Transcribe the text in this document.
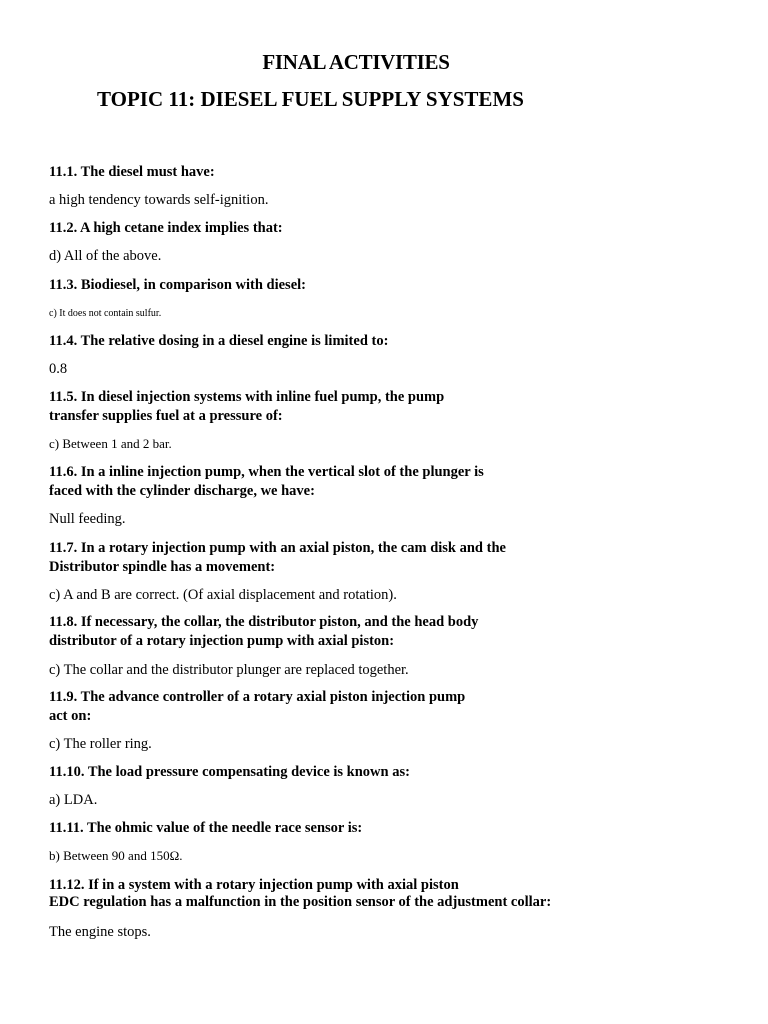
FINAL ACTIVITIES
TOPIC 11: DIESEL FUEL SUPPLY SYSTEMS

11.1. The diesel must have:

a high tendency towards self-ignition.

11.2. A high cetane index implies that:

d) All of the above.

11.3. Biodiesel, in comparison with diesel:

c) It does not contain sulfur.

11.4. The relative dosing in a diesel engine is limited to:

0.8

11.5. In diesel injection systems with inline fuel pump, the pump

transfer supplies fuel at a pressure of:

c) Between 1 and 2 bar.

11.6. In a inline injection pump, when the vertical slot of the plunger is

faced with the cylinder discharge, we have:

Null feeding.

11.7. In a rotary injection pump with an axial piston, the cam disk and the

Distributor spindle has a movement:

c) A and B are correct. (Of axial displacement and rotation).

11.8. If necessary, the collar, the distributor piston, and the head body

distributor of a rotary injection pump with axial piston:

c) The collar and the distributor plunger are replaced together.

11.9. The advance controller of a rotary axial piston injection pump

act on:

c) The roller ring.

11.10. The load pressure compensating device is known as:

a) LDA.

11.11. The ohmic value of the needle race sensor is:

b) Between 90 and 150Ω.

11.12. If in a system with a rotary injection pump with axial piston

EDC regulation has a malfunction in the position sensor of the adjustment collar:

The engine stops.
